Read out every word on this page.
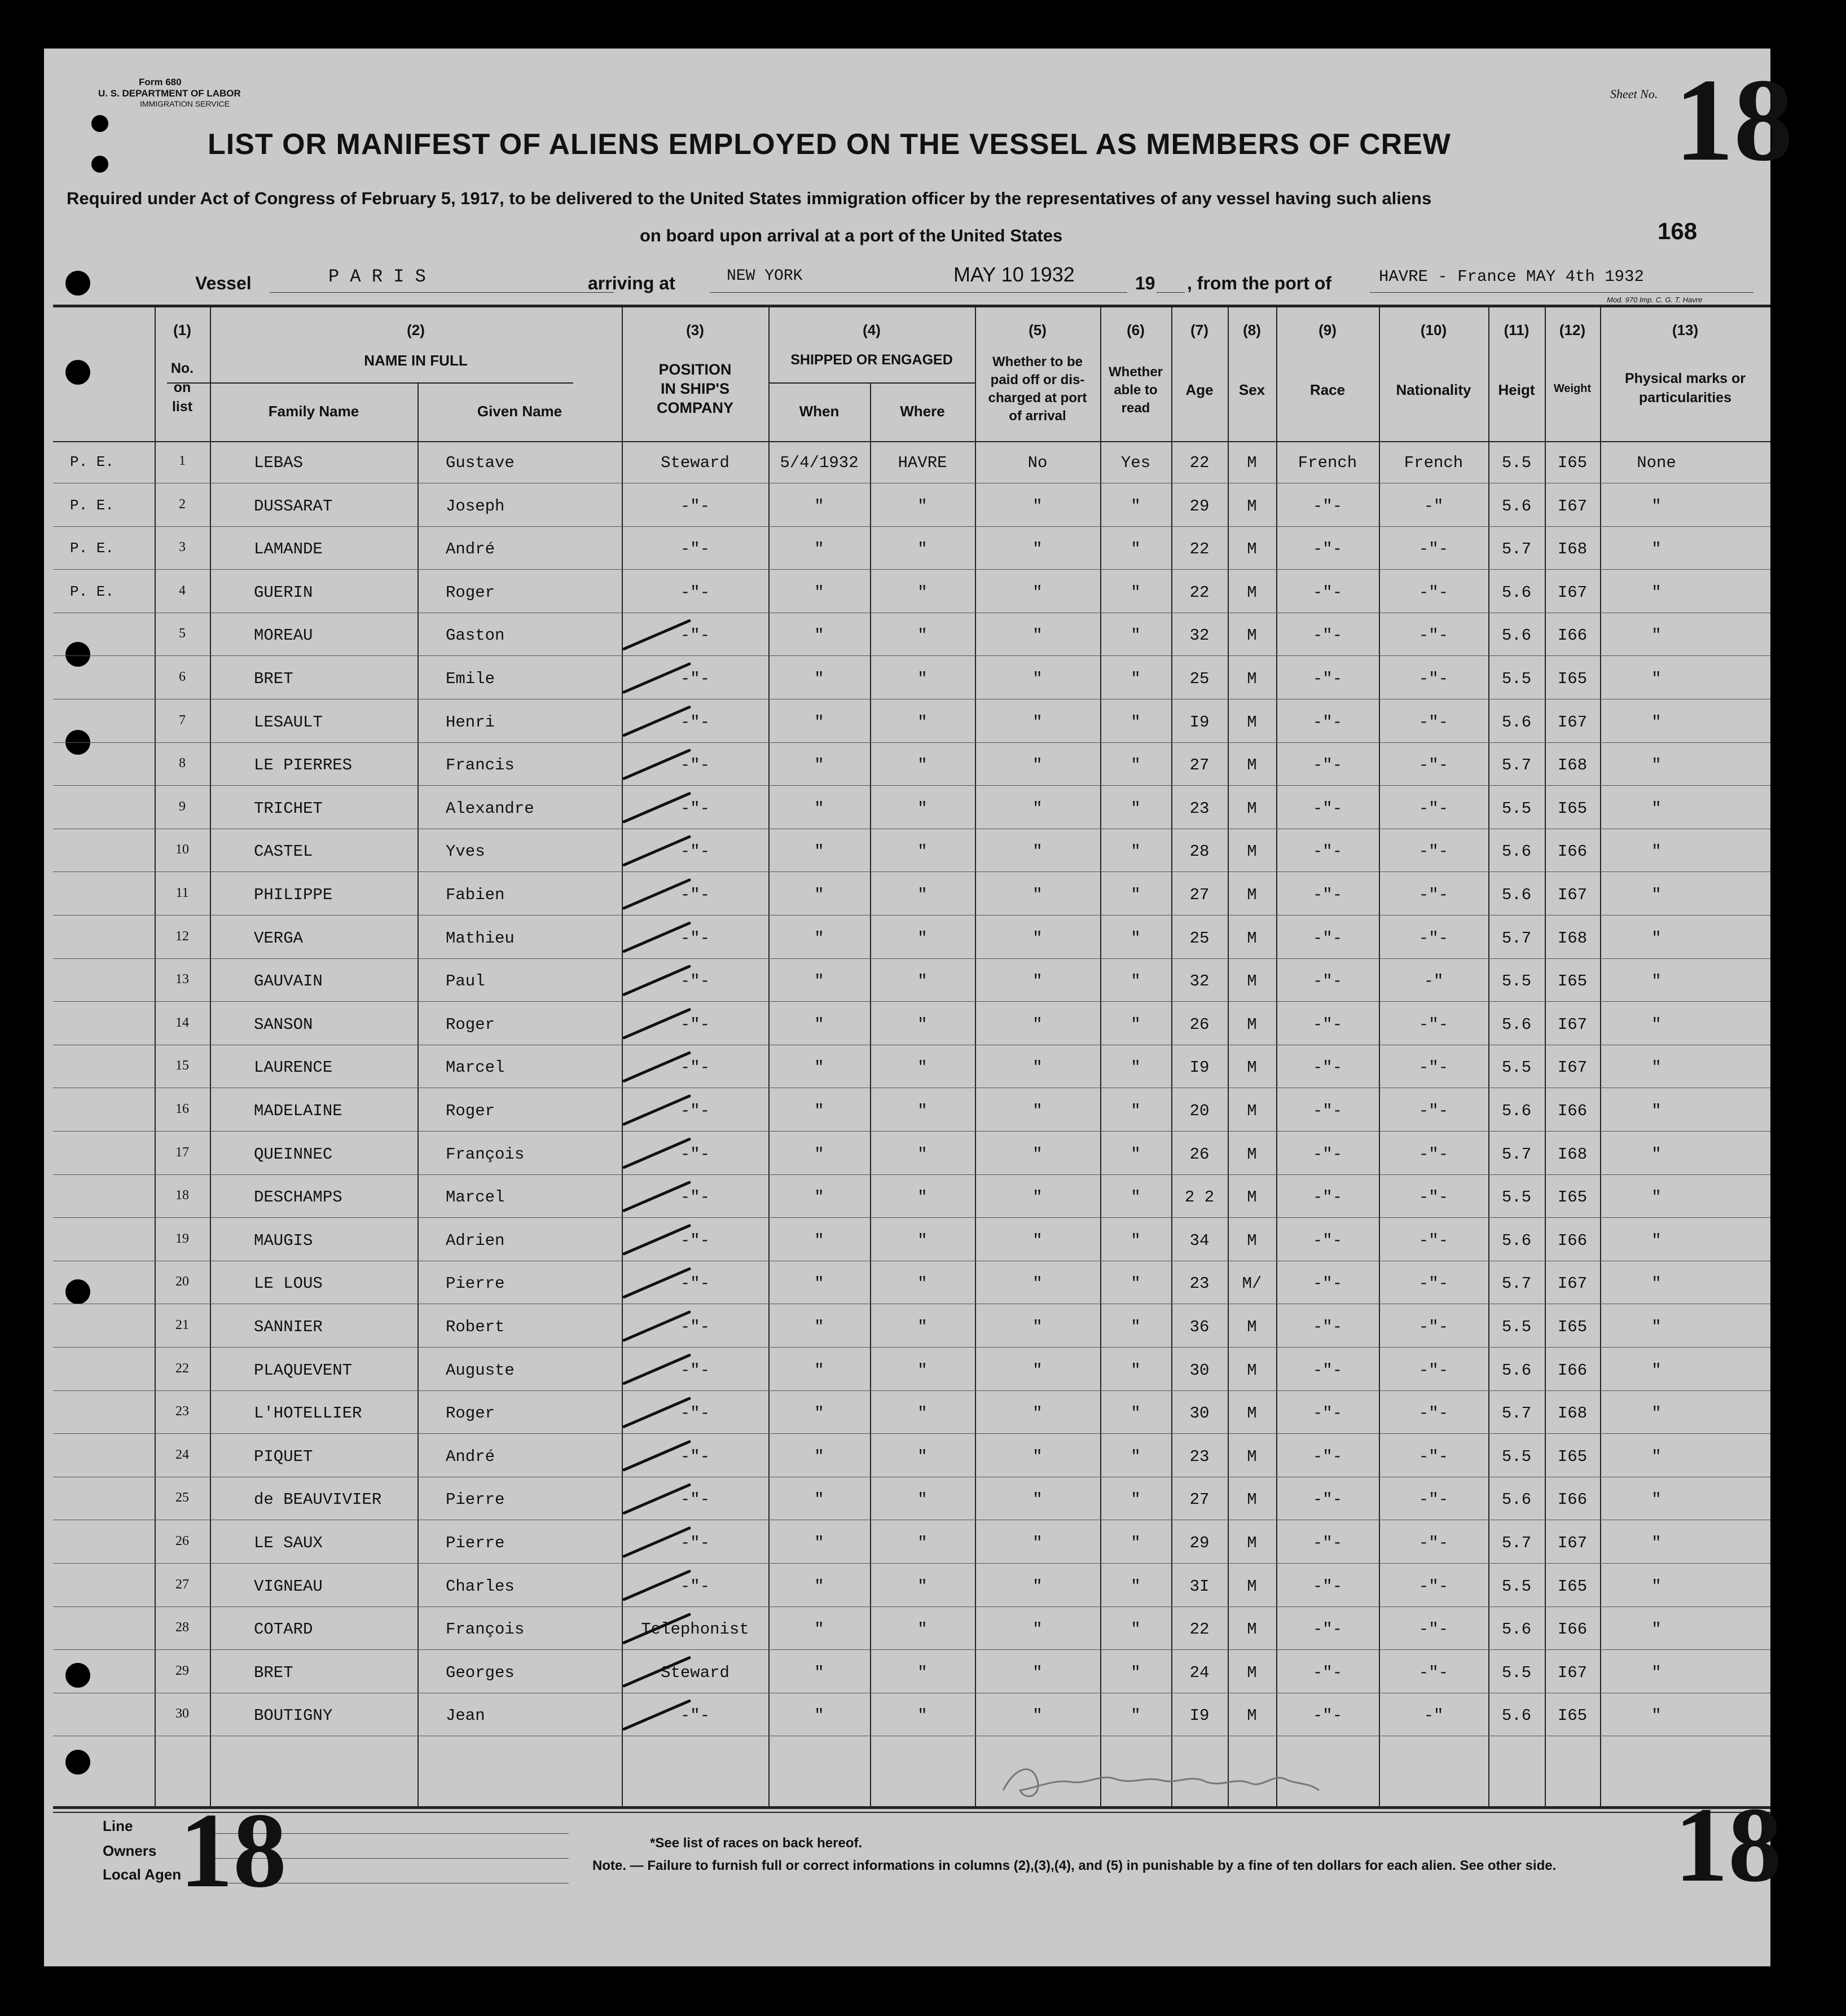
Form 680
U. S. DEPARTMENT OF LABOR
IMMIGRATION SERVICE
Sheet No. 18
LIST OR MANIFEST OF ALIENS EMPLOYED ON THE VESSEL AS MEMBERS OF CREW
Required under Act of Congress of February 5, 1917, to be delivered to the United States immigration officer by the representatives of any vessel having such aliens
on board upon arrival at a port of the United States	168
Vessel	P A R I S	arriving at	NEW YORK	MAY 10 1932	19 , from the port of	HAVRE - France MAY 4th 1932
Mod. 970 Imp. C. G. T. Havre
(1)
No.
on
list
(2)
NAME IN FULL
Family Name	Given Name
(3)
POSITION
IN SHIP'S
COMPANY
(4)
SHIPPED OR ENGAGED
When	Where
(5)
Whether to be
paid off or dis-
charged at port
of arrival
(6)
Whether
able to
read
(7)
Age
(8)
Sex
(9)
Race
(10)
Nationality
(11)
Heigt
(12)
Weight
(13)
Physical marks or
particularities
P. E.	1	LEBAS	Gustave	Steward	5/4/1932	HAVRE	No	Yes	22	M	French	French	5.5	I65	None
P. E.	2	DUSSARAT	Joseph	-"-	"	"	"	"	29	M	-"-	-"	5.6	I67	"
P. E.	3	LAMANDE	André	-"-	"	"	"	"	22	M	-"-	-"-	5.7	I68	"
P. E.	4	GUERIN	Roger	-"-	"	"	"	"	22	M	-"-	-"-	5.6	I67	"
5	MOREAU	Gaston	-"-	"	"	"	"	32	M	-"-	-"-	5.6	I66	"
6	BRET	Emile	-"-	"	"	"	"	25	M	-"-	-"-	5.5	I65	"
7	LESAULT	Henri	-"-	"	"	"	"	I9	M	-"-	-"-	5.6	I67	"
8	LE PIERRES	Francis	-"-	"	"	"	"	27	M	-"-	-"-	5.7	I68	"
9	TRICHET	Alexandre	-"-	"	"	"	"	23	M	-"-	-"-	5.5	I65	"
10	CASTEL	Yves	-"-	"	"	"	"	28	M	-"-	-"-	5.6	I66	"
11	PHILIPPE	Fabien	-"-	"	"	"	"	27	M	-"-	-"-	5.6	I67	"
12	VERGA	Mathieu	-"-	"	"	"	"	25	M	-"-	-"-	5.7	I68	"
13	GAUVAIN	Paul	-"-	"	"	"	"	32	M	-"-	-"	5.5	I65	"
14	SANSON	Roger	-"-	"	"	"	"	26	M	-"-	-"-	5.6	I67	"
15	LAURENCE	Marcel	-"-	"	"	"	"	I9	M	-"-	-"-	5.5	I67	"
16	MADELAINE	Roger	-"-	"	"	"	"	20	M	-"-	-"-	5.6	I66	"
17	QUEINNEC	François	-"-	"	"	"	"	26	M	-"-	-"-	5.7	I68	"
18	DESCHAMPS	Marcel	-"-	"	"	"	"	2 2	M	-"-	-"-	5.5	I65	"
19	MAUGIS	Adrien	-"-	"	"	"	"	34	M	-"-	-"-	5.6	I66	"
20	LE LOUS	Pierre	-"-	"	"	"	"	23	M/	-"-	-"-	5.7	I67	"
21	SANNIER	Robert	-"-	"	"	"	"	36	M	-"-	-"-	5.5	I65	"
22	PLAQUEVENT	Auguste	-"-	"	"	"	"	30	M	-"-	-"-	5.6	I66	"
23	L'HOTELLIER	Roger	-"-	"	"	"	"	30	M	-"-	-"-	5.7	I68	"
24	PIQUET	André	-"-	"	"	"	"	23	M	-"-	-"-	5.5	I65	"
25	de BEAUVIVIER	Pierre	-"-	"	"	"	"	27	M	-"-	-"-	5.6	I66	"
26	LE SAUX	Pierre	-"-	"	"	"	"	29	M	-"-	-"-	5.7	I67	"
27	VIGNEAU	Charles	-"-	"	"	"	"	3I	M	-"-	-"-	5.5	I65	"
28	COTARD	François	Telephonist	"	"	"	"	22	M	-"-	-"-	5.6	I66	"
29	BRET	Georges	Steward	"	"	"	"	24	M	-"-	-"-	5.5	I67	"
30	BOUTIGNY	Jean	-"-	"	"	"	"	I9	M	-"-	-"	5.6	I65	"
Line
Owners
Local Agen
18	18
*See list of races on back hereof.
Note. — Failure to furnish full or correct informations in columns (2),(3),(4), and (5) in punishable by a fine of ten dollars for each alien. See other side.
